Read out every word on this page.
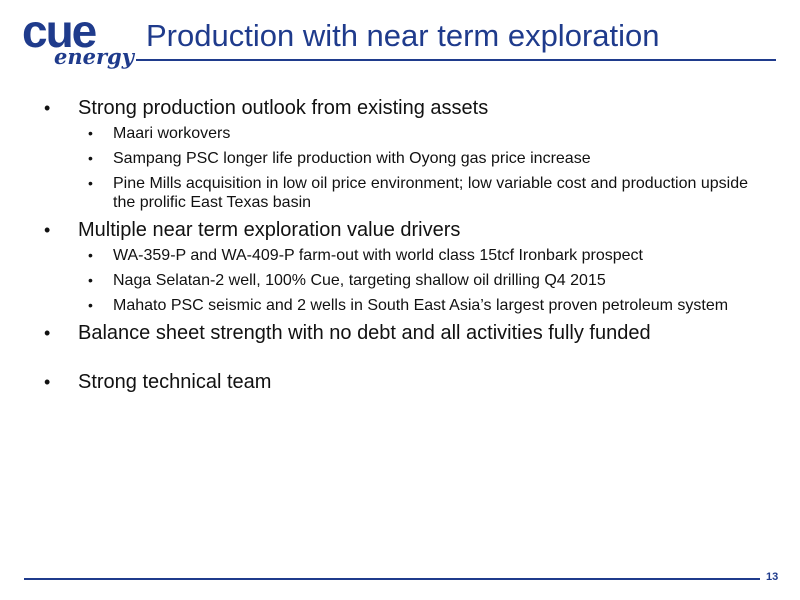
cue
energy
Production with near term exploration
• Strong production outlook from existing assets
• Maari workovers
• Sampang PSC longer life production with Oyong gas price increase
• Pine Mills acquisition in low oil price environment; low variable cost and production upside the prolific East Texas basin
• Multiple near term exploration value drivers
• WA-359-P and WA-409-P farm-out with world class 15tcf Ironbark prospect
• Naga Selatan-2 well, 100% Cue, targeting shallow oil drilling Q4 2015
• Mahato PSC seismic and 2 wells in South East Asia’s largest proven petroleum system
• Balance sheet strength with no debt and all activities fully funded
• Strong technical team
13
